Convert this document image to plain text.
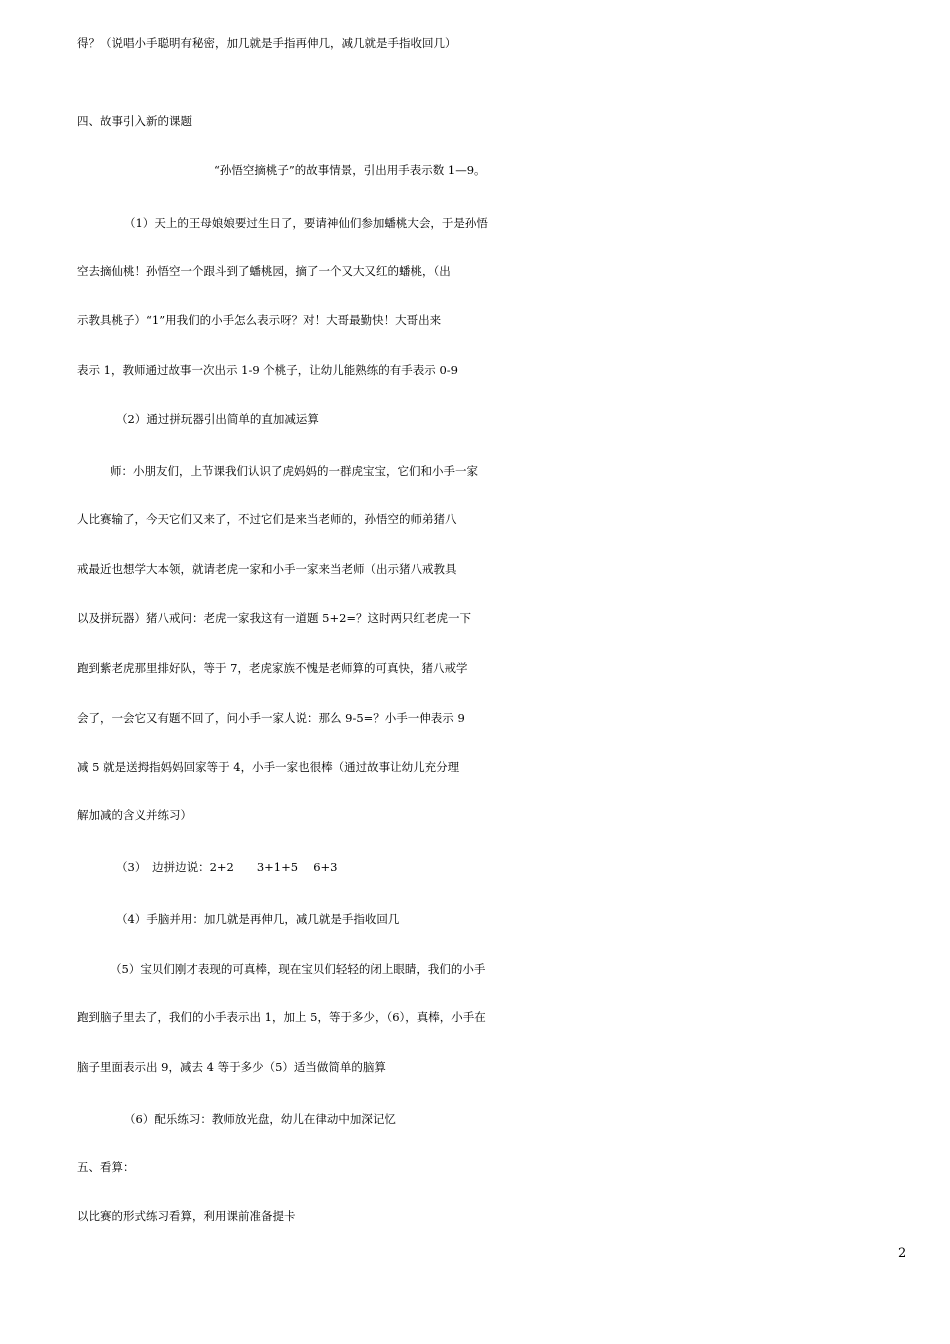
得？（说唱小手聪明有秘密，加几就是手指再伸几，减几就是手指收回几）
四、故事引入新的课题
“孙悟空摘桃子”的故事情景，引出用手表示数 1—9。
（1）天上的王母娘娘要过生日了，要请神仙们参加蟠桃大会，于是孙悟
空去摘仙桃！孙悟空一个跟斗到了蟠桃园，摘了一个又大又红的蟠桃，（出
示教具桃子）“1”用我们的小手怎么表示呀？对！大哥最勤快！大哥出来
表示 1，教师通过故事一次出示 1-9 个桃子，让幼儿能熟练的有手表示 0-9
（2）通过拼玩器引出简单的直加减运算
师：小朋友们，上节课我们认识了虎妈妈的一群虎宝宝，它们和小手一家
人比赛输了，今天它们又来了，不过它们是来当老师的，孙悟空的师弟猪八
戒最近也想学大本领，就请老虎一家和小手一家来当老师（出示猪八戒教具
以及拼玩器）猪八戒问：老虎一家我这有一道题 5+2=？这时两只红老虎一下
跑到紫老虎那里排好队，等于 7，老虎家族不愧是老师算的可真快，猪八戒学
会了，一会它又有题不回了，问小手一家人说：那么 9-5=？小手一伸表示 9
减 5 就是送拇指妈妈回家等于 4，小手一家也很棒（通过故事让幼儿充分理
解加减的含义并练习）
（3）　边拼边说：2+2　　3+1+5　 6+3
（4）手脑并用：加几就是再伸几，减几就是手指收回几
（5）宝贝们刚才表现的可真棒，现在宝贝们轻轻的闭上眼睛，我们的小手
跑到脑子里去了，我们的小手表示出 1，加上 5，等于多少，（6），真棒，小手在
脑子里面表示出 9，减去 4 等于多少（5）适当做简单的脑算
（6）配乐练习：教师放光盘，幼儿在律动中加深记忆
五、看算：
以比赛的形式练习看算，利用课前准备提卡
2
